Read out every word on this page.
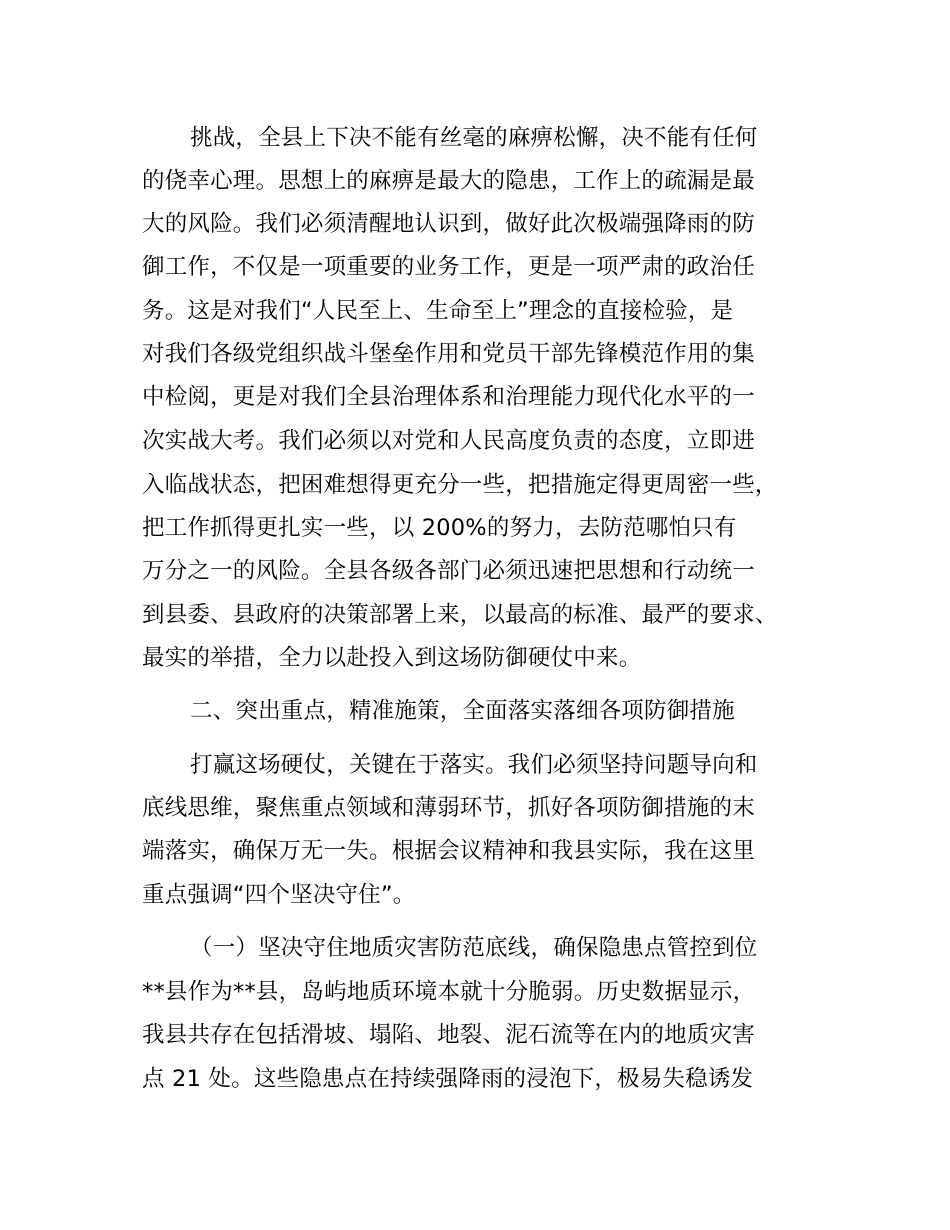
挑战，全县上下决不能有丝毫的麻痹松懈，决不能有任何
的侥幸心理。思想上的麻痹是最大的隐患，工作上的疏漏是最
大的风险。我们必须清醒地认识到，做好此次极端强降雨的防
御工作，不仅是一项重要的业务工作，更是一项严肃的政治任
务。这是对我们“人民至上、生命至上”理念的直接检验，是
对我们各级党组织战斗堡垒作用和党员干部先锋模范作用的集
中检阅，更是对我们全县治理体系和治理能力现代化水平的一
次实战大考。我们必须以对党和人民高度负责的态度，立即进
入临战状态，把困难想得更充分一些，把措施定得更周密一些，
把工作抓得更扎实一些，以 200%的努力，去防范哪怕只有
万分之一的风险。全县各级各部门必须迅速把思想和行动统一
到县委、县政府的决策部署上来，以最高的标准、最严的要求、
最实的举措，全力以赴投入到这场防御硬仗中来。
二、突出重点，精准施策，全面落实落细各项防御措施
打赢这场硬仗，关键在于落实。我们必须坚持问题导向和
底线思维，聚焦重点领域和薄弱环节，抓好各项防御措施的末
端落实，确保万无一失。根据会议精神和我县实际，我在这里
重点强调“四个坚决守住”。
（一）坚决守住地质灾害防范底线，确保隐患点管控到位
**县作为**县，岛屿地质环境本就十分脆弱。历史数据显示，
我县共存在包括滑坡、塌陷、地裂、泥石流等在内的地质灾害
点 21 处。这些隐患点在持续强降雨的浸泡下，极易失稳诱发
